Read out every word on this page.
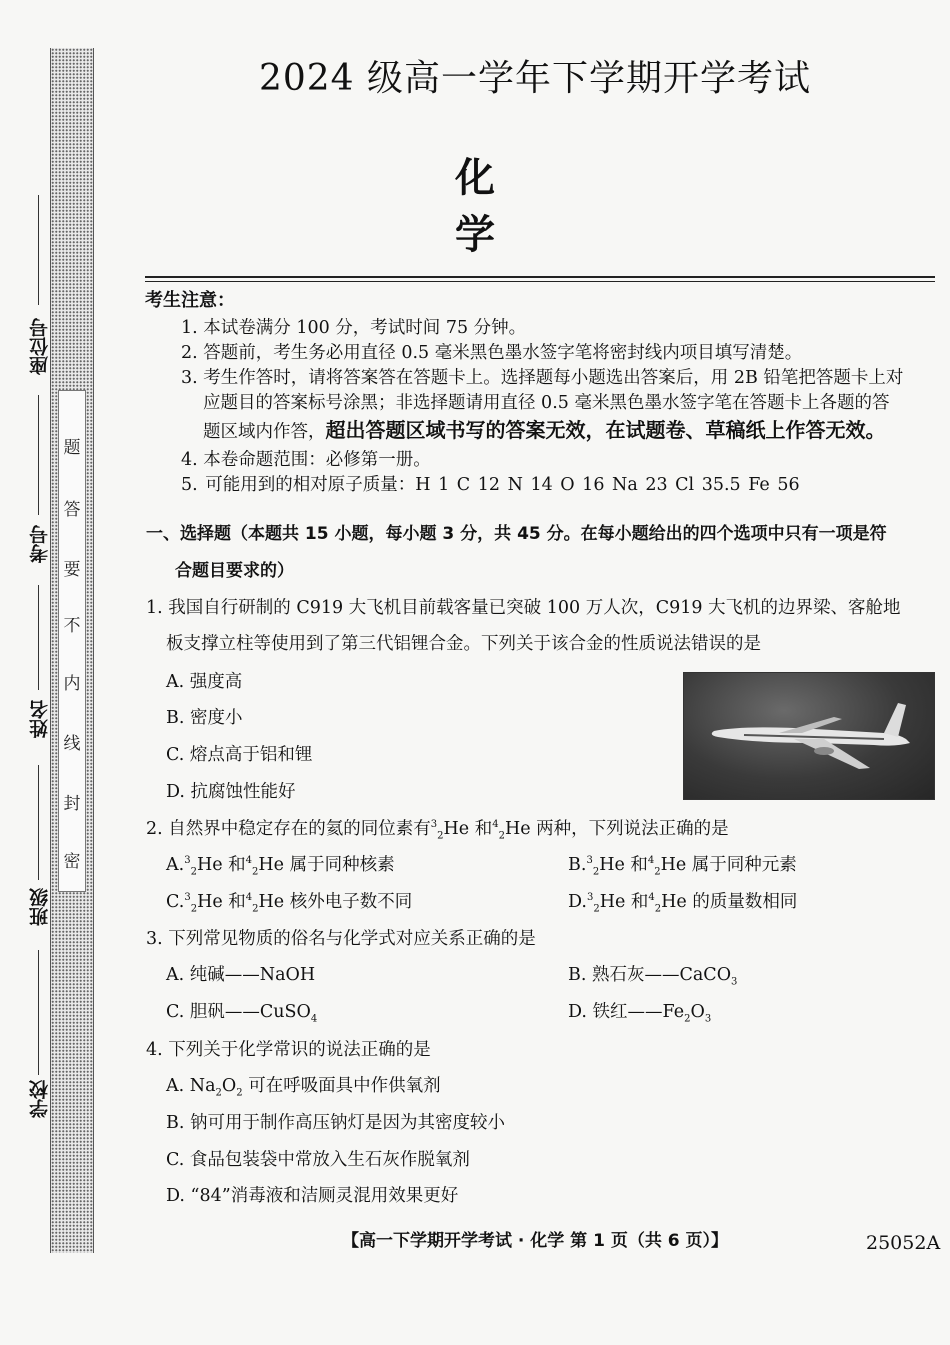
题
答
要
不
内
线
封
密
座位号
考号
姓名
班级
学校
2024 级高一学年下学期开学考试
化学
考生注意：
1. 本试卷满分 100 分，考试时间 75 分钟。
2. 答题前，考生务必用直径 0.5 毫米黑色墨水签字笔将密封线内项目填写清楚。
3. 考生作答时，请将答案答在答题卡上。选择题每小题选出答案后，用 2B 铅笔把答题卡上对
应题目的答案标号涂黑；非选择题请用直径 0.5 毫米黑色墨水签字笔在答题卡上各题的答
题区域内作答，超出答题区域书写的答案无效，在试题卷、草稿纸上作答无效。
4. 本卷命题范围：必修第一册。
5. 可能用到的相对原子质量：H 1 C 12 N 14 O 16 Na 23 Cl 35.5 Fe 56
一、选择题（本题共 15 小题，每小题 3 分，共 45 分。在每小题给出的四个选项中只有一项是符
合题目要求的）
1. 我国自行研制的 C919 大飞机目前载客量已突破 100 万人次，C919 大飞机的边界梁、客舱地
板支撑立柱等使用到了第三代铝锂合金。下列关于该合金的性质说法错误的是
A. 强度高
B. 密度小
C. 熔点高于铝和锂
D. 抗腐蚀性能好
2. 自然界中稳定存在的氦的同位素有$^3_2$He 和$^4_2$He 两种，下列说法正确的是
A.$^3_2$He 和$^4_2$He 属于同种核素	B.$^3_2$He 和$^4_2$He 属于同种元素
C.$^3_2$He 和$^4_2$He 核外电子数不同	D.$^3_2$He 和$^4_2$He 的质量数相同
3. 下列常见物质的俗名与化学式对应关系正确的是
A. 纯碱——NaOH	B. 熟石灰——CaCO$_3$
C. 胆矾——CuSO$_4$	D. 铁红$——Fe_2O_3$
4. 下列关于化学常识的说法正确的是
A. $Na_2O_2$ 可在呼吸面具中作供氧剂
B. 钠可用于制作高压钠灯是因为其密度较小
C. 食品包装袋中常放入生石灰作脱氧剂
D. “84”消毒液和洁厕灵混用效果更好
【高一下学期开学考试 · 化学 第 1 页（共 6 页）】	25052A
